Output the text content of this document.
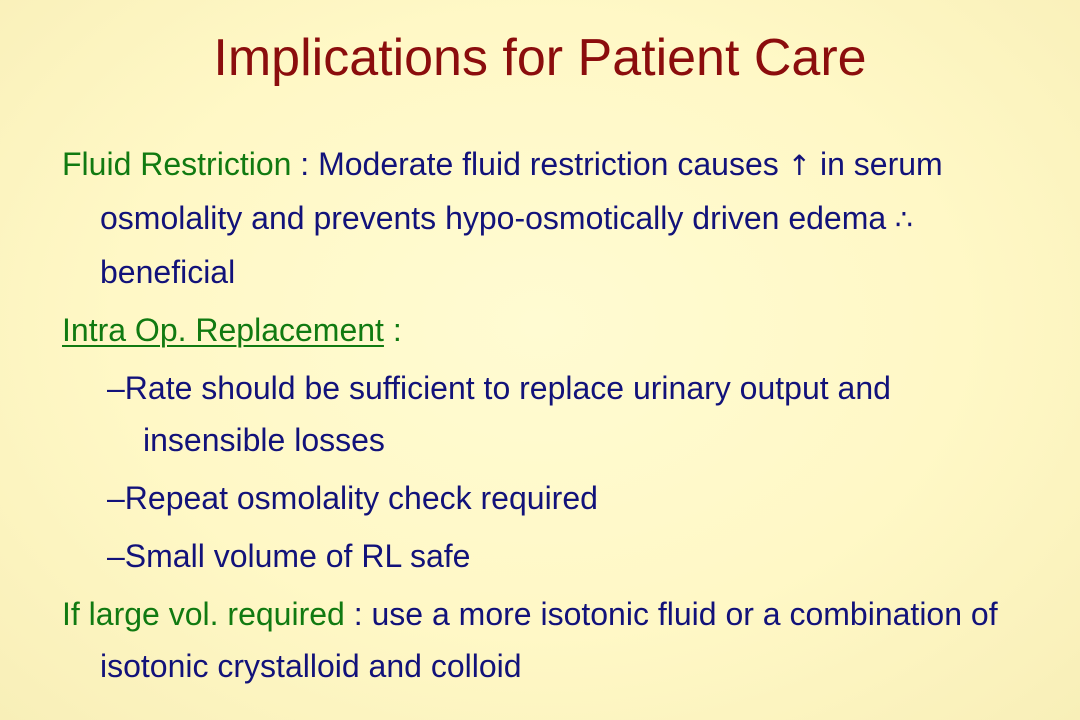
Implications for Patient Care

Fluid Restriction : Moderate fluid restriction causes ↑ in serum osmolality and prevents hypo-osmotically driven edema ∴ beneficial

Intra Op. Replacement :

–Rate should be sufficient to replace urinary output and insensible losses

–Repeat osmolality check required

–Small volume of RL safe

If large vol. required : use a more isotonic fluid or a combination of isotonic crystalloid and colloid
